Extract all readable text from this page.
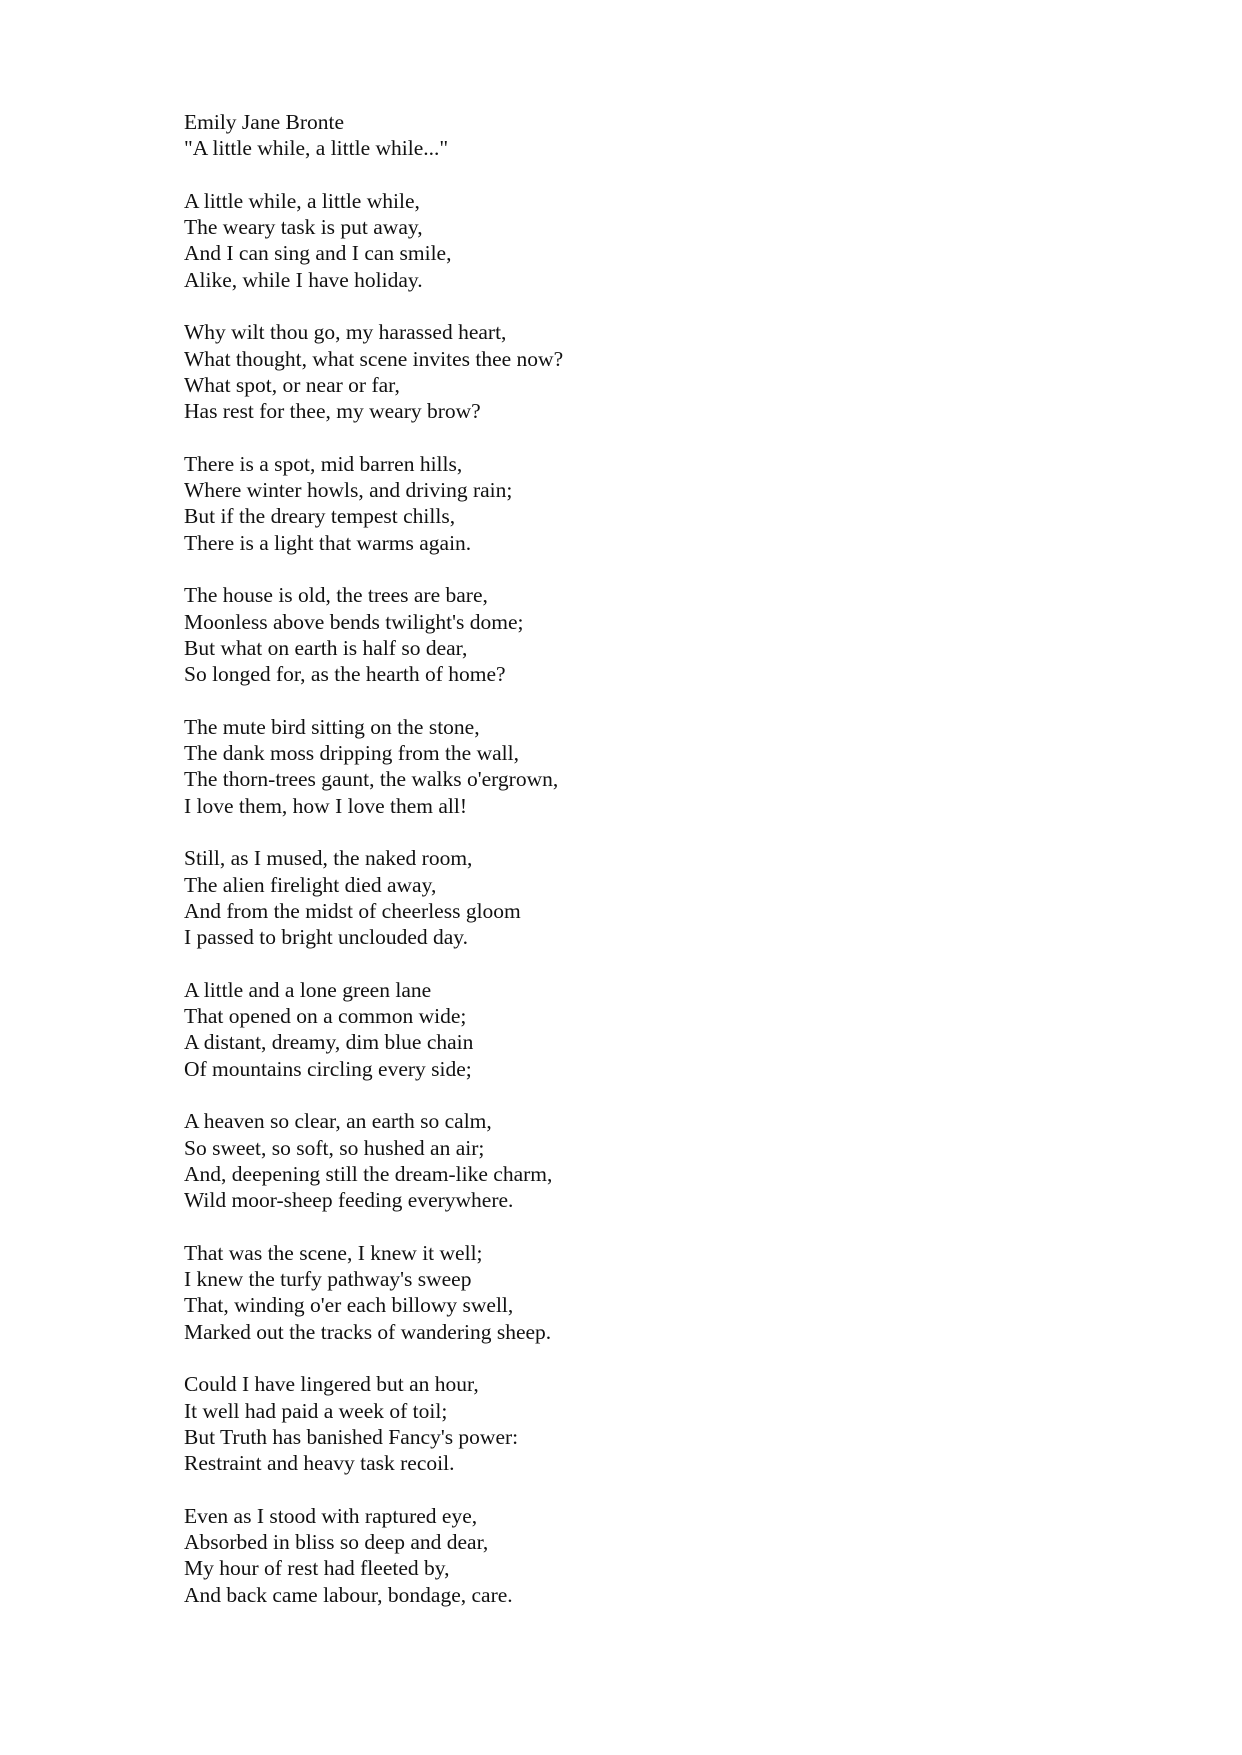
Emily Jane Bronte
"A little while, a little while..."
A little while, a little while,
The weary task is put away,
And I can sing and I can smile,
Alike, while I have holiday.
Why wilt thou go, my harassed heart,
What thought, what scene invites thee now?
What spot, or near or far,
Has rest for thee, my weary brow?
There is a spot, mid barren hills,
Where winter howls, and driving rain;
But if the dreary tempest chills,
There is a light that warms again.
The house is old, the trees are bare,
Moonless above bends twilight's dome;
But what on earth is half so dear,
So longed for, as the hearth of home?
The mute bird sitting on the stone,
The dank moss dripping from the wall,
The thorn-trees gaunt, the walks o'ergrown,
I love them, how I love them all!
Still, as I mused, the naked room,
The alien firelight died away,
And from the midst of cheerless gloom
I passed to bright unclouded day.
A little and a lone green lane
That opened on a common wide;
A distant, dreamy, dim blue chain
Of mountains circling every side;
A heaven so clear, an earth so calm,
So sweet, so soft, so hushed an air;
And, deepening still the dream-like charm,
Wild moor-sheep feeding everywhere.
That was the scene, I knew it well;
I knew the turfy pathway's sweep
That, winding o'er each billowy swell,
Marked out the tracks of wandering sheep.
Could I have lingered but an hour,
It well had paid a week of toil;
But Truth has banished Fancy's power:
Restraint and heavy task recoil.
Even as I stood with raptured eye,
Absorbed in bliss so deep and dear,
My hour of rest had fleeted by,
And back came labour, bondage, care.
